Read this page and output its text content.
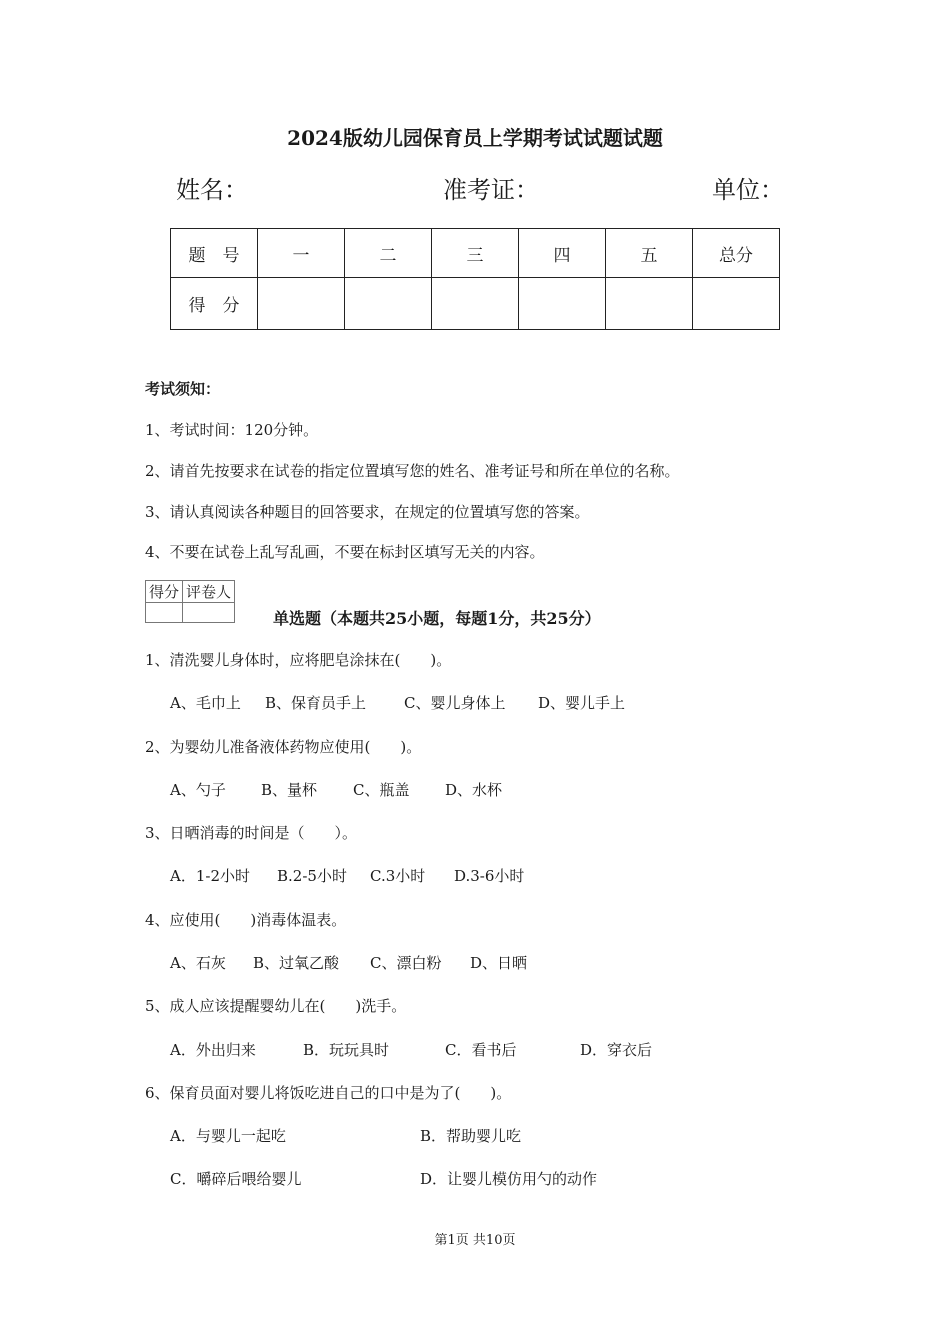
2024版幼儿园保育员上学期考试试题试题
姓名：	准考证：	单位：
题　号	一	二	三	四	五	总分
得　分						
考试须知：
1、考试时间：120分钟。
2、请首先按要求在试卷的指定位置填写您的姓名、准考证号和所在单位的名称。
3、请认真阅读各种题目的回答要求，在规定的位置填写您的答案。
4、不要在试卷上乱写乱画，不要在标封区填写无关的内容。
得分	评卷人

单选题（本题共25小题，每题1分，共25分）
1、清洗婴儿身体时，应将肥皂涂抹在(　　)。
A、毛巾上 B、保育员手上	C、婴儿身体上 D、婴儿手上
2、为婴幼儿准备液体药物应使用(　　)。
A、勺子 B、量杯 C、瓶盖 D、水杯
3、日晒消毒的时间是（　　）。
A．1-2小时 B.2-5小时 C.3小时 D.3-6小时
4、应使用(　　)消毒体温表。
A、石灰 B、过氧乙酸 C、漂白粉 D、日晒
5、成人应该提醒婴幼儿在(　　)洗手。
A．外出归来	B．玩玩具时	C．看书后	D．穿衣后
6、保育员面对婴儿将饭吃进自己的口中是为了(　　)。
A．与婴儿一起吃	B．帮助婴儿吃
C．嚼碎后喂给婴儿	D．让婴儿模仿用勺的动作
第1页 共10页
